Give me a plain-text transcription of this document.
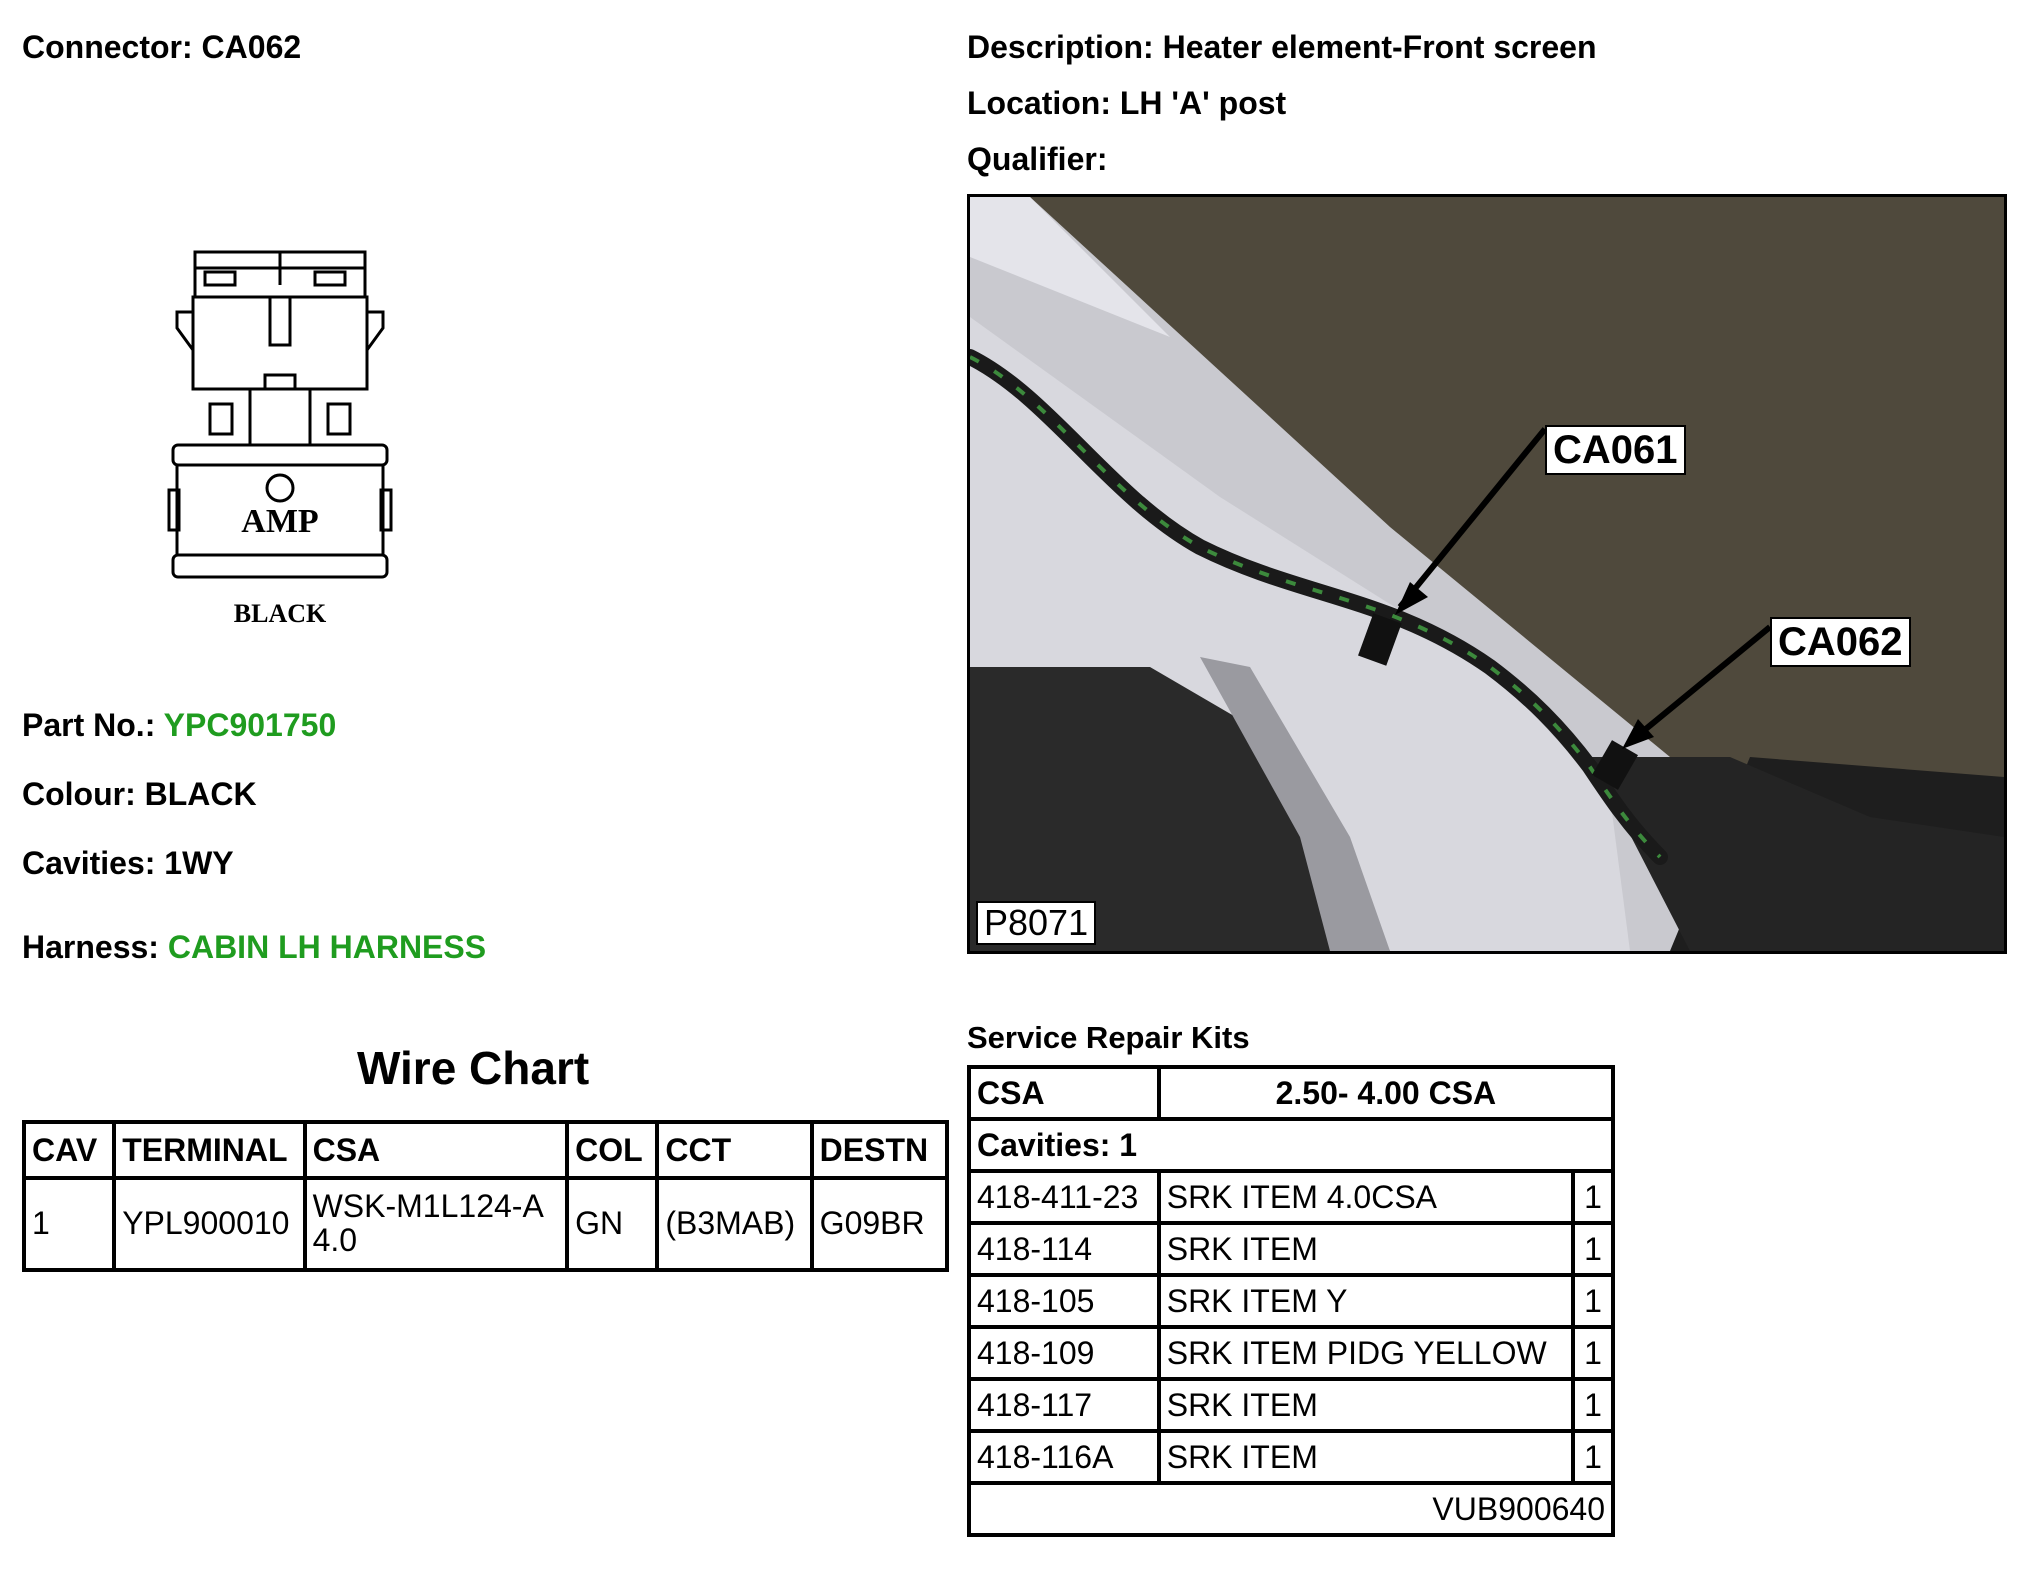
Connector: CA062	Description: Heater element-Front screen
Location: LH 'A' post
Qualifier:
AMP
BLACK
Part No.: YPC901750
Colour: BLACK
Cavities: 1WY
Harness: CABIN LH HARNESS
CA061
CA062
P8071
Wire Chart
CAV	TERMINAL	CSA	COL	CCT	DESTN
1	YPL900010	WSK-M1L124-A 4.0	GN	(B3MAB)	G09BR
Service Repair Kits
CSA	2.50- 4.00 CSA	
Cavities: 1		
418-411-23	SRK ITEM 4.0CSA	1
418-114	SRK ITEM	1
418-105	SRK ITEM Y	1
418-109	SRK ITEM PIDG YELLOW	1
418-117	SRK ITEM	1
418-116A	SRK ITEM	1
VUB900640		
